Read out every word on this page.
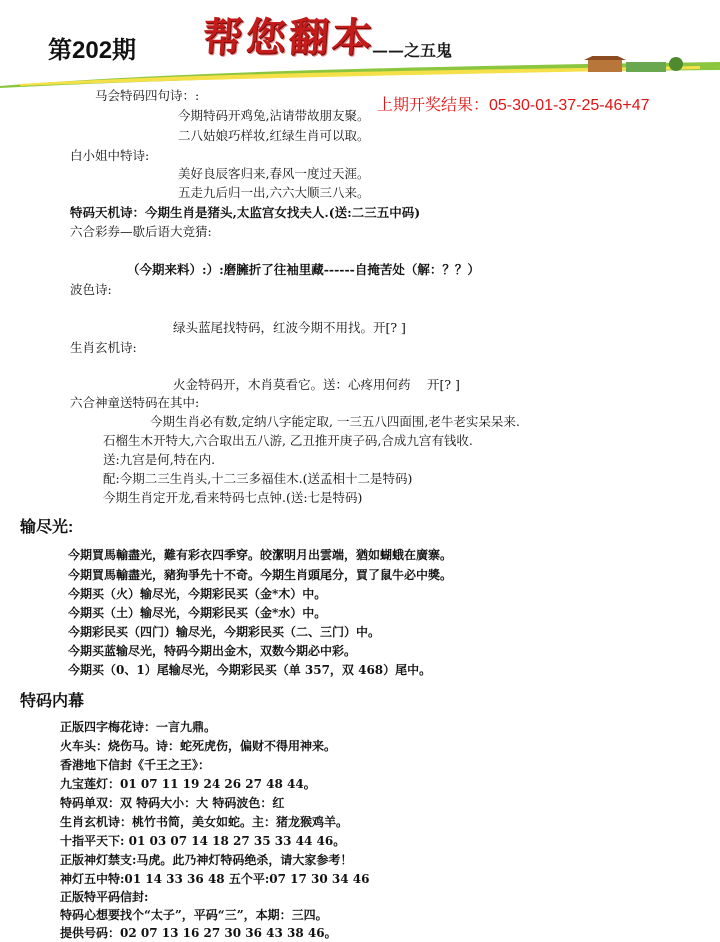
第202期 帮您翻本
——之五鬼
上期开奖结果：05-30-01-37-25-46+47
马会特码四句诗：:
今期特码开鸡兔,沾请带故朋友聚。
二八姑娘巧样妆,红绿生肖可以取。
白小姐中特诗:
美好良辰客归来,春风一度过天涯。
五走九后归一出,六六大顺三八来。
特码天机诗：今期生肖是猪头,太监宫女找夫人.(送:二三五中码)
六合彩券—歇后语大竞猜:
（今期来料）:）:磨臃折了往袖里藏------自掩苦处（解：？？）
波色诗:
绿头蓝尾找特码，红波今期不用找。开[? ]
生肖玄机诗:
火金特码开，木肖莫看它。送：心疼用何药　 开[? ]
六合神童送特码在其中:
今期生肖必有数,定纳八字能定取, 一三五八四面围,老牛老实呆呆来.
石榴生木开特大,六合取出五八游, 乙丑推开庚子码,合成九宫有钱收.
送:九宫是何,特在内.
配:今期二三生肖头,十二三多福佳木.(送孟相十二是特码)
今期生肖定开龙,看来特码七点钟.(送:七是特码)
输尽光:
今期買馬輸盡光，難有彩衣四季穿。皎潔明月出雲端，猶如蝴蛾在廣寨。
今期買馬輸盡光，豬狗爭先十不奇。今期生肖頭尾分，買了鼠牛必中獎。
今期买（火）输尽光，今期彩民买（金*木）中。
今期买（土）输尽光，今期彩民买（金*水）中。
今期彩民买（四门）输尽光，今期彩民买（二、三门）中。
今期买蓝输尽光，特码今期出金木，双数今期必中彩。
今期买（0、1）尾输尽光，今期彩民买（单 357，双 468）尾中。
特码内幕
正版四字梅花诗：一言九鼎。
火车头：烧伤马。诗：蛇死虎伤，偏财不得用神来。
香港地下信封《千王之王》：
九宝莲灯：01 07 11 19 24 26 27 48 44。
特码单双：双 特码大小：大 特码波色：红
生肖玄机诗：桃竹书简，美女如蛇。主：猪龙猴鸡羊。
十指平天下: 01 03 07 14 18 27 35 33 44 46。
正版神灯禁支:马虎。此乃神灯特码绝杀，请大家参考！
神灯五中特:01 14 33 36 48 五个平:07 17 30 34 46
正版特平码信封:
特码心想要找个“太子”，平码“三”，本期：三四。
提供号码：02 07 13 16 27 30 36 43 38 46。
